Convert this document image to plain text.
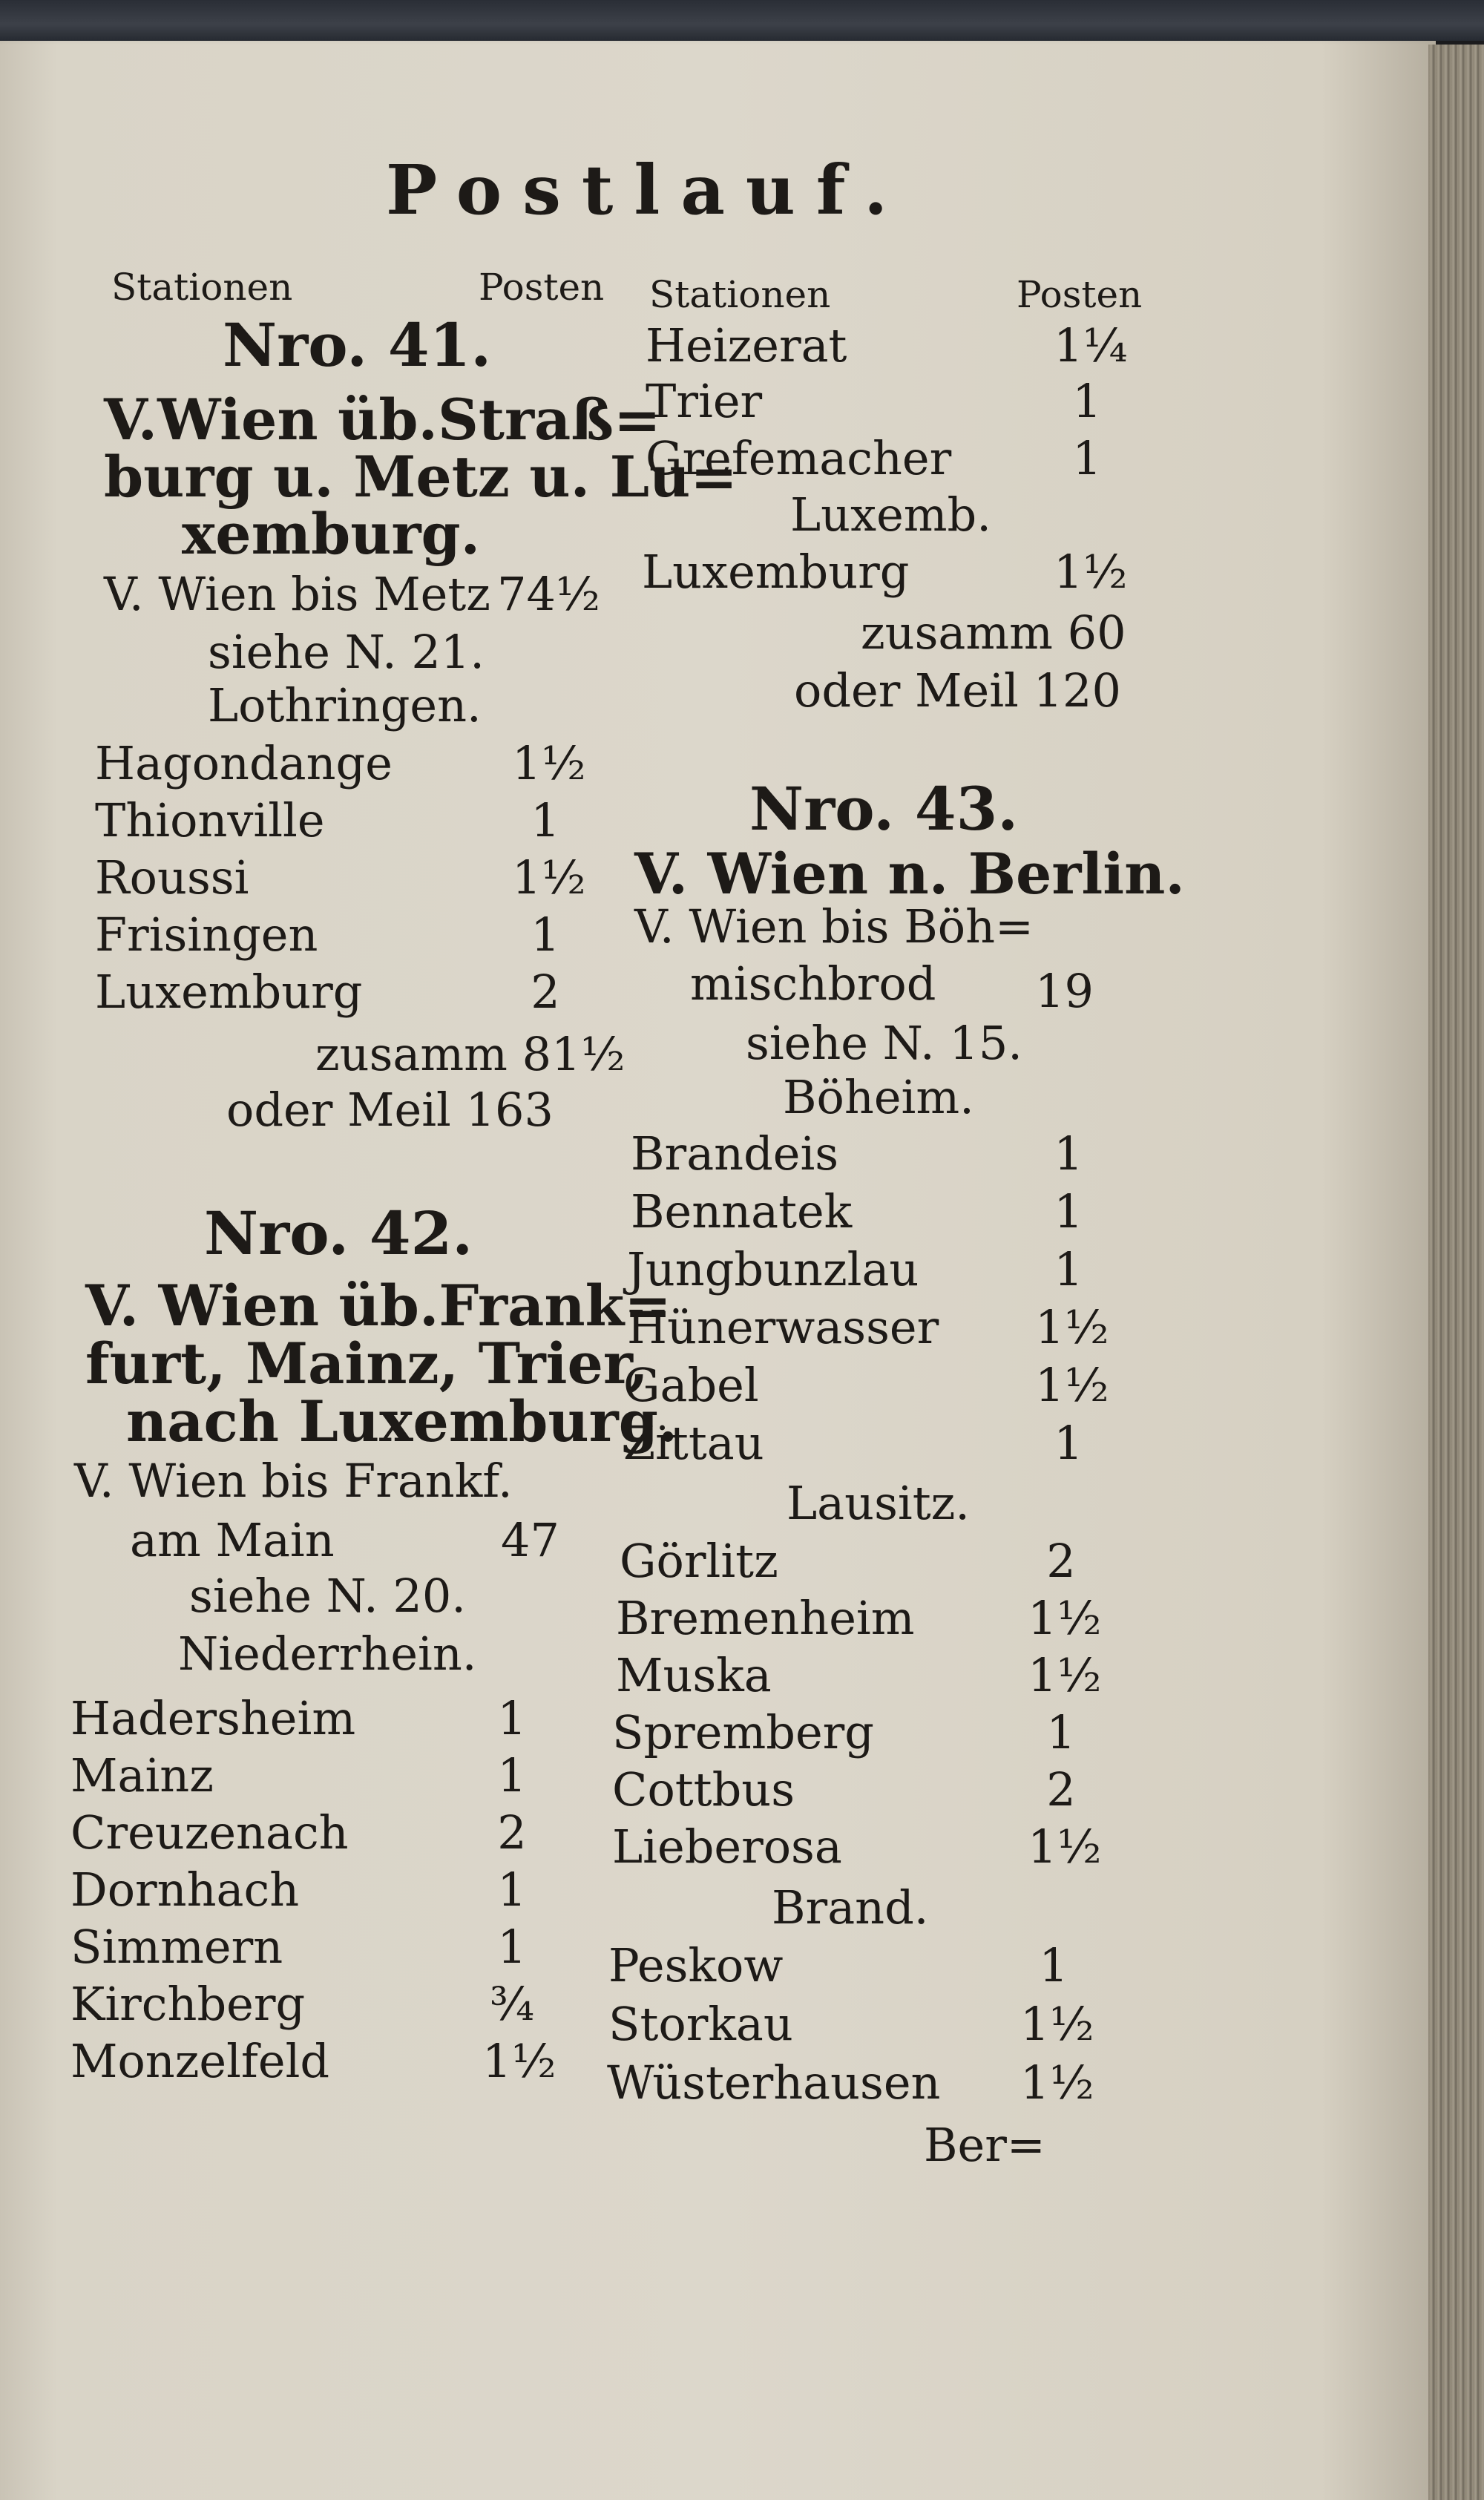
Postlauf.
Stationen	Posten
Nro. 41.
V.Wien üb.Straß=
burg u. Metz u. Lu=
xemburg.
V. Wien bis Metz 74½
siehe N. 21.
Lothringen.
Hagondange	1½
Thionville	1
Roussi	1½
Frisingen	1
Luxemburg	2
zusamm 81½
oder Meil 163
Nro. 42.
V. Wien üb.Frank=
furt, Mainz, Trier,
nach Luxemburg.
V. Wien bis Frankf.
am Main	47
siehe N. 20.
Niederrhein.
Hadersheim	1
Mainz	1
Creuzenach	2
Dornhach	1
Simmern	1
Kirchberg	¾
Monzelfeld	1½
Stationen	Posten
Heizerat	1¼
Trier	1
Grefemacher	1
Luxemb.
Luxemburg	1½
zusamm 60
oder Meil 120
Nro. 43.
V. Wien n. Berlin.
V. Wien bis Böh=
mischbrod 19
siehe N. 15.
Böheim.
Brandeis	1
Bennatek	1
Jungbunzlau	1
Hünerwasser 1½
Gabel	1½
Zittau	1
Lausitz.
Görlitz	2
Bremenheim 1½
Muska	1½
Spremberg	1
Cottbus	2
Lieberosa	1½
Brand.
Peskow	1
Storkau	1½
Wüsterhausen 1½
Ber=
